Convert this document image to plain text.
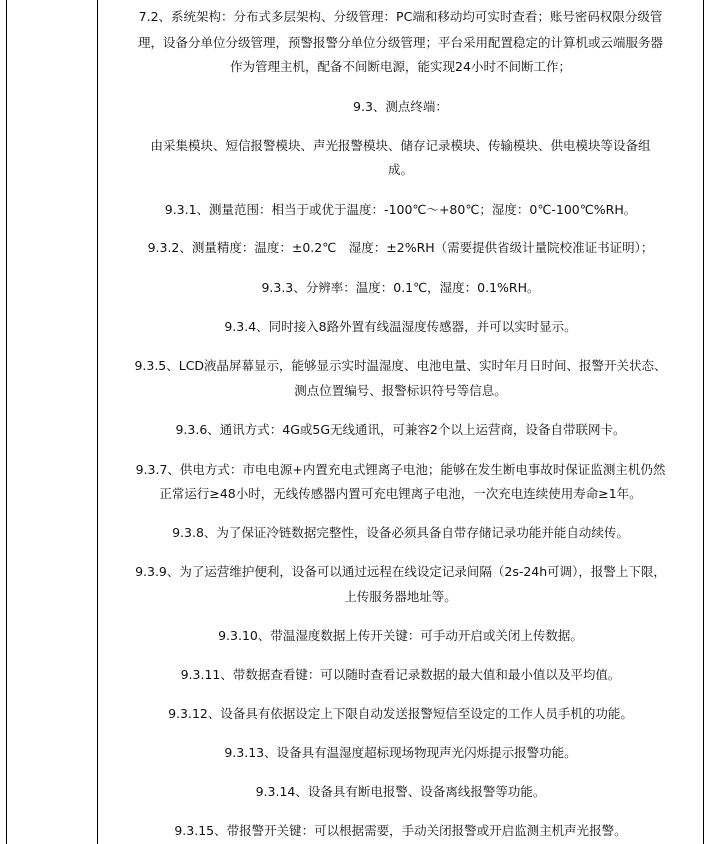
7.2、系统架构：分布式多层架构、分级管理：PC端和移动均可实时查看；账号密码权限分级管

理，设备分单位分级管理，预警报警分单位分级管理；平台采用配置稳定的计算机或云端服务器

作为管理主机，配备不间断电源，能实现24小时不间断工作；

9.3、测点终端：

由采集模块、短信报警模块、声光报警模块、储存记录模块、传输模块、供电模块等设备组

成。

9.3.1、测量范围：相当于或优于温度：-100℃～+80℃；湿度：0℃-100℃%RH。

9.3.2、测量精度：温度：±0.2℃　湿度：±2%RH（需要提供省级计量院校准证书证明）；

9.3.3、分辨率：温度：0.1℃，湿度：0.1%RH。

9.3.4、同时接入8路外置有线温湿度传感器，并可以实时显示。

9.3.5、LCD液晶屏幕显示，能够显示实时温湿度、电池电量、实时年月日时间、报警开关状态、

测点位置编号、报警标识符号等信息。

9.3.6、通讯方式：4G或5G无线通讯，可兼容2个以上运营商，设备自带联网卡。

9.3.7、供电方式：市电电源+内置充电式锂离子电池；能够在发生断电事故时保证监测主机仍然

正常运行≥48小时，无线传感器内置可充电锂离子电池，一次充电连续使用寿命≥1年。

9.3.8、为了保证冷链数据完整性，设备必须具备自带存储记录功能并能自动续传。

9.3.9、为了运营维护便利，设备可以通过远程在线设定记录间隔（2s-24h可调），报警上下限，

上传服务器地址等。

9.3.10、带温湿度数据上传开关键：可手动开启或关闭上传数据。

9.3.11、带数据查看键：可以随时查看记录数据的最大值和最小值以及平均值。

9.3.12、设备具有依据设定上下限自动发送报警短信至设定的工作人员手机的功能。

9.3.13、设备具有温湿度超标现场物现声光闪烁提示报警功能。

9.3.14、设备具有断电报警、设备离线报警等功能。

9.3.15、带报警开关键：可以根据需要，手动关闭报警或开启监测主机声光报警。
